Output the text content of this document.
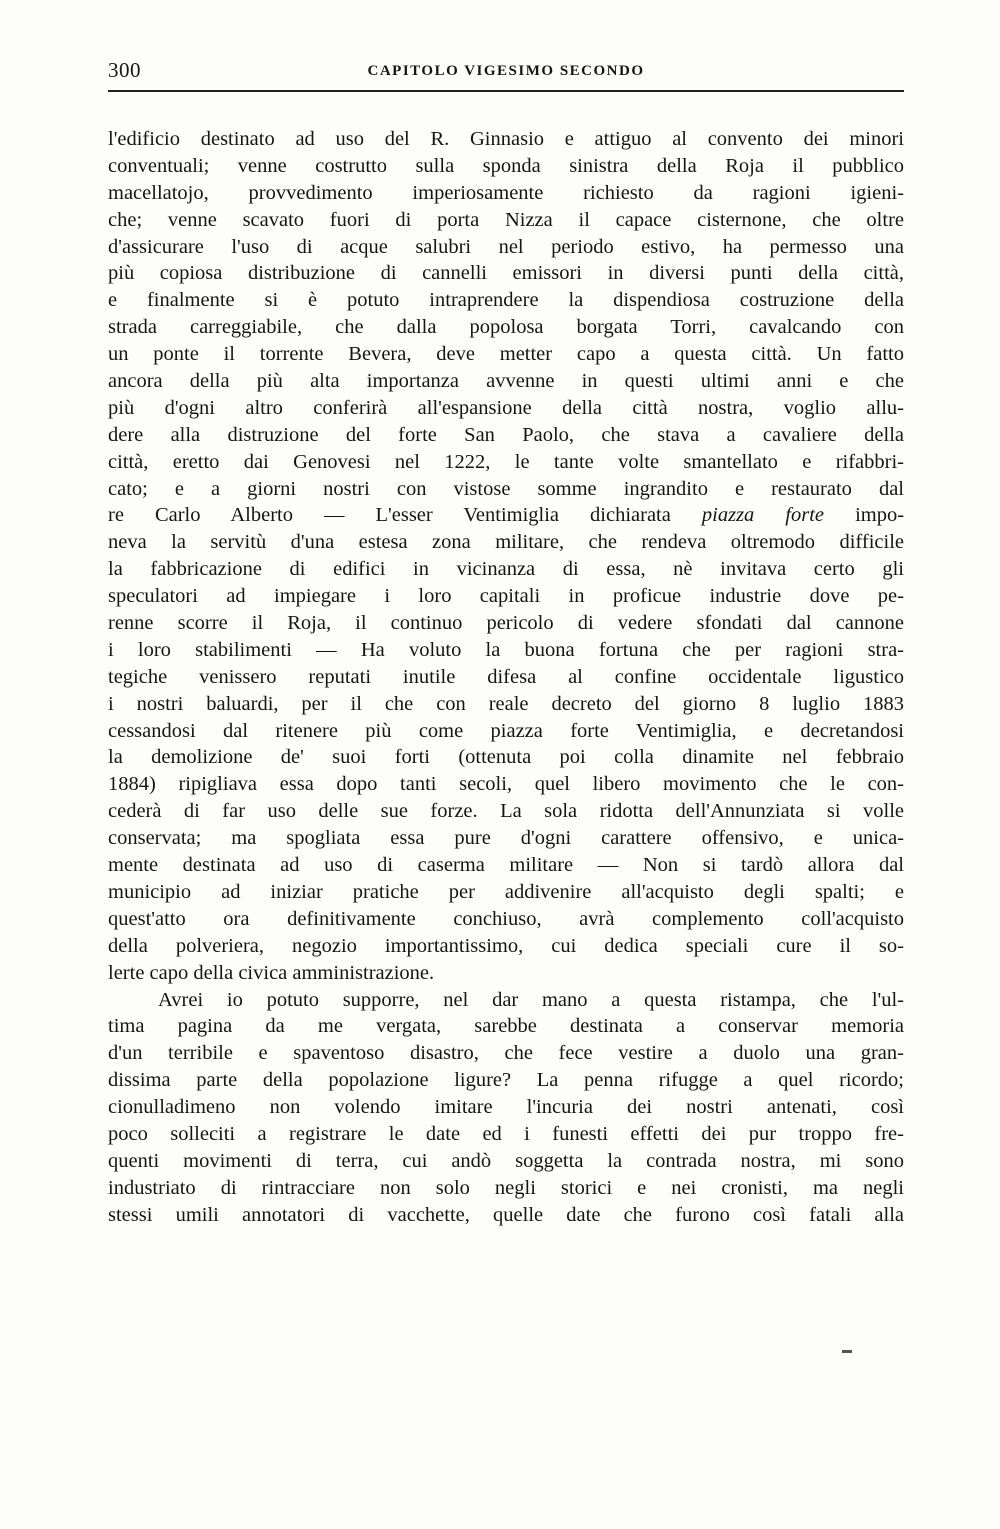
300	CAPITOLO VIGESIMO SECONDO
l'edificio destinato ad uso del R. Ginnasio e attiguo al convento dei minori
conventuali; venne costrutto sulla sponda sinistra della Roja il pubblico
macellatojo, provvedimento imperiosamente richiesto da ragioni igieni-
che; venne scavato fuori di porta Nizza il capace cisternone, che oltre
d'assicurare l'uso di acque salubri nel periodo estivo, ha permesso una
più copiosa distribuzione di cannelli emissori in diversi punti della città,
e finalmente si è potuto intraprendere la dispendiosa costruzione della
strada carreggiabile, che dalla popolosa borgata Torri, cavalcando con
un ponte il torrente Bevera, deve metter capo a questa città. Un fatto
ancora della più alta importanza avvenne in questi ultimi anni e che
più d'ogni altro conferirà all'espansione della città nostra, voglio allu-
dere alla distruzione del forte San Paolo, che stava a cavaliere della
città, eretto dai Genovesi nel 1222, le tante volte smantellato e rifabbri-
cato; e a giorni nostri con vistose somme ingrandito e restaurato dal
re Carlo Alberto — L'esser Ventimiglia dichiarata piazza forte impo-
neva la servitù d'una estesa zona militare, che rendeva oltremodo difficile
la fabbricazione di edifici in vicinanza di essa, nè invitava certo gli
speculatori ad impiegare i loro capitali in proficue industrie dove pe-
renne scorre il Roja, il continuo pericolo di vedere sfondati dal cannone
i loro stabilimenti — Ha voluto la buona fortuna che per ragioni stra-
tegiche venissero reputati inutile difesa al confine occidentale ligustico
i nostri baluardi, per il che con reale decreto del giorno 8 luglio 1883
cessandosi dal ritenere più come piazza forte Ventimiglia, e decretandosi
la demolizione de' suoi forti (ottenuta poi colla dinamite nel febbraio
1884) ripigliava essa dopo tanti secoli, quel libero movimento che le con-
cederà di far uso delle sue forze. La sola ridotta dell'Annunziata si volle
conservata; ma spogliata essa pure d'ogni carattere offensivo, e unica-
mente destinata ad uso di caserma militare — Non si tardò allora dal
municipio ad iniziar pratiche per addivenire all'acquisto degli spalti; e
quest'atto ora definitivamente conchiuso, avrà complemento coll'acquisto
della polveriera, negozio importantissimo, cui dedica speciali cure il so-
lerte capo della civica amministrazione.
Avrei io potuto supporre, nel dar mano a questa ristampa, che l'ul-
tima pagina da me vergata, sarebbe destinata a conservar memoria
d'un terribile e spaventoso disastro, che fece vestire a duolo una gran-
dissima parte della popolazione ligure? La penna rifugge a quel ricordo;
cionulladimeno non volendo imitare l'incuria dei nostri antenati, così
poco solleciti a registrare le date ed i funesti effetti dei pur troppo fre-
quenti movimenti di terra, cui andò soggetta la contrada nostra, mi sono
industriato di rintracciare non solo negli storici e nei cronisti, ma negli
stessi umili annotatori di vacchette, quelle date che furono così fatali alla
